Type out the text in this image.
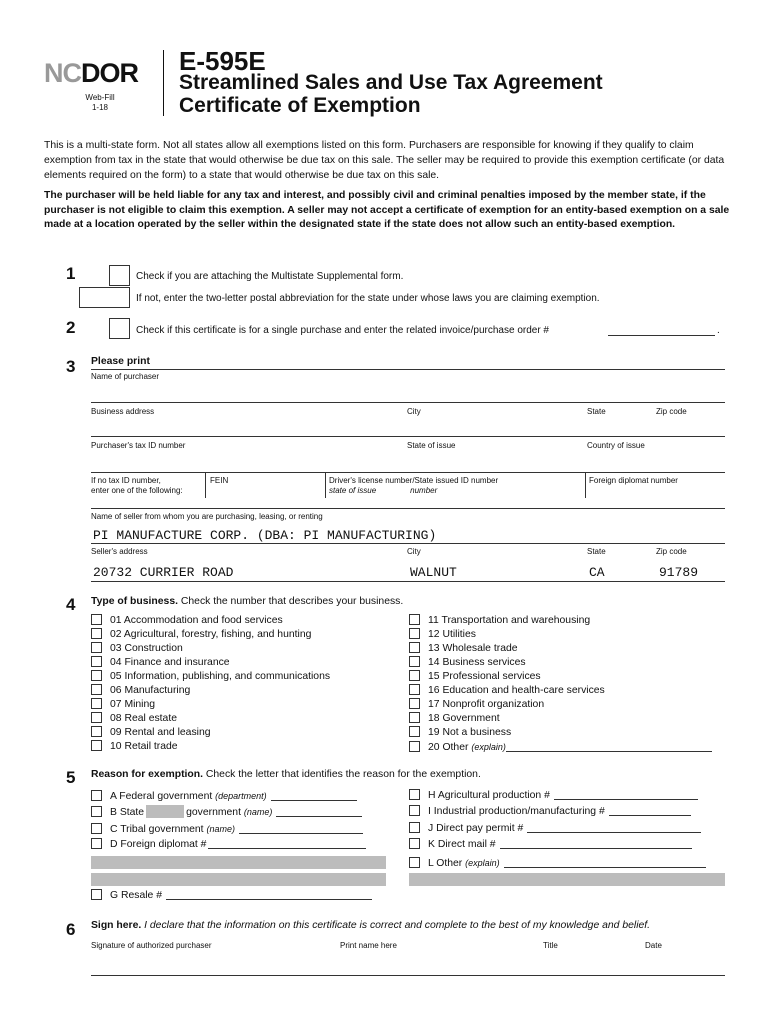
NCDOR
Web-Fill
1-18
E-595E
Streamlined Sales and Use Tax Agreement
Certificate of Exemption
This is a multi-state form. Not all states allow all exemptions listed on this form. Purchasers are responsible for knowing if they qualify to claim exemption from tax in the state that would otherwise be due tax on this sale. The seller may be required to provide this exemption certificate (or data elements required on the form) to a state that would otherwise be due tax on this sale.
The purchaser will be held liable for any tax and interest, and possibly civil and criminal penalties imposed by the member state, if the purchaser is not eligible to claim this exemption. A seller may not accept a certificate of exemption for an entity-based exemption on a sale made at a location operated by the seller within the designated state if the state does not allow such an entity-based exemption.
1	Check if you are attaching the Multistate Supplemental form.
If not, enter the two-letter postal abbreviation for the state under whose laws you are claiming exemption.
2	Check if this certificate is for a single purchase and enter the related invoice/purchase order #	.
3 Please print
Name of purchaser
Business address	City	State	Zip code
Purchaser's tax ID number	State of issue	Country of issue
If no tax ID number,
enter one of the following:
FEIN	Driver's license number/State issued ID number
state of issue	number
Foreign diplomat number
Name of seller from whom you are purchasing, leasing, or renting
PI MANUFACTURE CORP. (DBA: PI MANUFACTURING)
Seller's address	City	State	Zip code
20732 CURRIER ROAD	WALNUT	CA	91789
4 Type of business. Check the number that describes your business.
01 Accommodation and food services
02 Agricultural, forestry, fishing, and hunting
03 Construction
04 Finance and insurance
05 Information, publishing, and communications
06 Manufacturing
07 Mining
08 Real estate
09 Rental and leasing
10 Retail trade
11 Transportation and warehousing
12 Utilities
13 Wholesale trade
14 Business services
15 Professional services
16 Education and health-care services
17 Nonprofit organization
18 Government
19 Not a business
20 Other (explain)
5 Reason for exemption. Check the letter that identifies the reason for the exemption.
A Federal government (department)
B State	government (name)
C Tribal government (name)
D Foreign diplomat #
G Resale #
H Agricultural production #
I Industrial production/manufacturing #
J Direct pay permit #
K Direct mail #
L Other (explain)
6 Sign here. I declare that the information on this certificate is correct and complete to the best of my knowledge and belief.
Signature of authorized purchaser	Print name here	Title	Date
